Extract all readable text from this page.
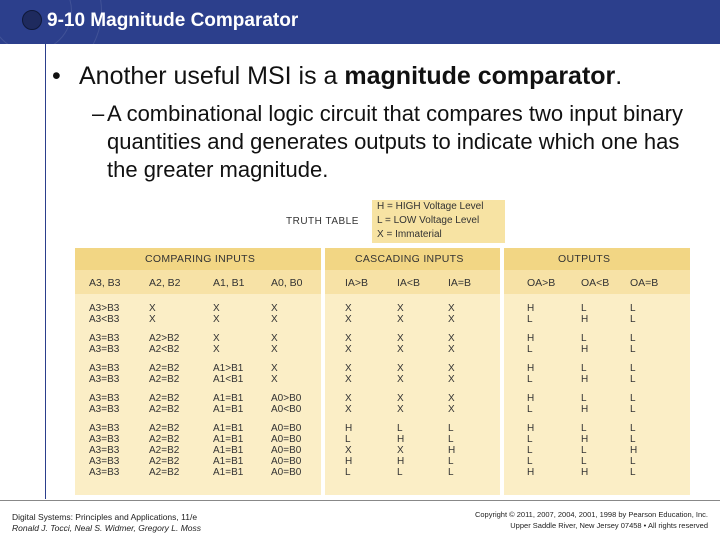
9-10 Magnitude Comparator
• Another useful MSI is a magnitude comparator.
– A combinational logic circuit that compares two input binary quantities and generates outputs to indicate which one has the greater magnitude.
TRUTH TABLE
H = HIGH Voltage Level
L = LOW Voltage Level
X = Immaterial
COMPARING INPUTS	CASCADING INPUTS	OUTPUTS
A3, B3	A2, B2	A1, B1	A0, B0	IA>B	IA<B	IA=B	OA>B OA<B OA=B
A3>B3	X	X	X	X	X	X	H	L	L
A3<B3	X	X	X	X	X	X	L	H	L
A3=B3	A2>B2	X	X	X	X	X	H	L	L
A3=B3	A2<B2	X	X	X	X	X	L	H	L
A3=B3	A2=B2	A1>B1	X	X	X	X	H	L	L
A3=B3	A2=B2	A1<B1	X	X	X	X	L	H	L
A3=B3	A2=B2	A1=B1	A0>B0	X	X	X	H	L	L
A3=B3	A2=B2	A1=B1	A0<B0	X	X	X	L	H	L
A3=B3	A2=B2	A1=B1	A0=B0	H	L	L	H	L	L
A3=B3	A2=B2	A1=B1	A0=B0	L	H	L	L	H	L
A3=B3	A2=B2	A1=B1	A0=B0	X	X	H	L	L	H
A3=B3	A2=B2	A1=B1	A0=B0	H	H	L	L	L	L
A3=B3	A2=B2	A1=B1	A0=B0	L	L	L	H	H	L
Digital Systems: Principles and Applications, 11/e
Ronald J. Tocci, Neal S. Widmer, Gregory L. Moss
Copyright © 2011, 2007, 2004, 2001, 1998 by Pearson Education, Inc.
Upper Saddle River, New Jersey 07458 • All rights reserved
